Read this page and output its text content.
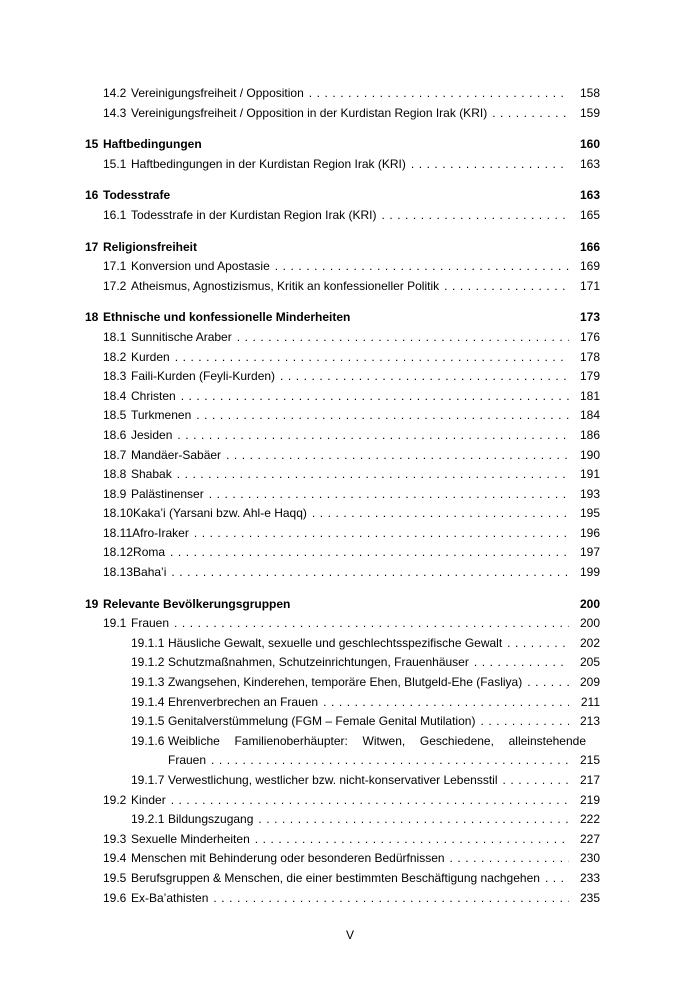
14.2 Vereinigungsfreiheit / Opposition . . .	158
14.3 Vereinigungsfreiheit / Opposition in der Kurdistan Region Irak (KRI) . . .	159
15 Haftbedingungen	160
15.1 Haftbedingungen in der Kurdistan Region Irak (KRI) . . .	163
16 Todesstrafe	163
16.1 Todesstrafe in der Kurdistan Region Irak (KRI) . . .	165
17 Religionsfreiheit	166
17.1 Konversion und Apostasie . . .	169
17.2 Atheismus, Agnostizismus, Kritik an konfessioneller Politik . . .	171
18 Ethnische und konfessionelle Minderheiten	173
18.1 Sunnitische Araber . . .	176
18.2 Kurden . . .	178
18.3 Faili-Kurden (Feyli-Kurden) . . .	179
18.4 Christen . . .	181
18.5 Turkmenen . . .	184
18.6 Jesiden . . .	186
18.7 Mandäer-Sabäer . . .	190
18.8 Shabak . . .	191
18.9 Palästinenser . . .	193
18.10 Kaka’i (Yarsani bzw. Ahl-e Haqq) . . .	195
18.11 Afro-Iraker . . .	196
18.12 Roma . . .	197
18.13 Baha’i . . .	199
19 Relevante Bevölkerungsgruppen	200
19.1 Frauen . . .	200
19.1.1 Häusliche Gewalt, sexuelle und geschlechtsspezifische Gewalt . . .	202
19.1.2 Schutzmaßnahmen, Schutzeinrichtungen, Frauenhäuser . . .	205
19.1.3 Zwangsehen, Kinderehen, temporäre Ehen, Blutgeld-Ehe (Fasliya) . . .	209
19.1.4 Ehrenverbrechen an Frauen . . .	211
19.1.5 Genitalverstümmelung (FGM – Female Genital Mutilation) . . .	213
19.1.6 Weibliche Familienoberhäupter: Witwen, Geschiedene, alleinstehende
Frauen . . .	215
19.1.7 Verwestlichung, westlicher bzw. nicht-konservativer Lebensstil . . .	217
19.2 Kinder . . .	219
19.2.1 Bildungszugang . . .	222
19.3 Sexuelle Minderheiten . . .	227
19.4 Menschen mit Behinderung oder besonderen Bedürfnissen . . .	230
19.5 Berufsgruppen & Menschen, die einer bestimmten Beschäftigung nachgehen . . .	233
19.6 Ex-Ba’athisten . . .	235
V
